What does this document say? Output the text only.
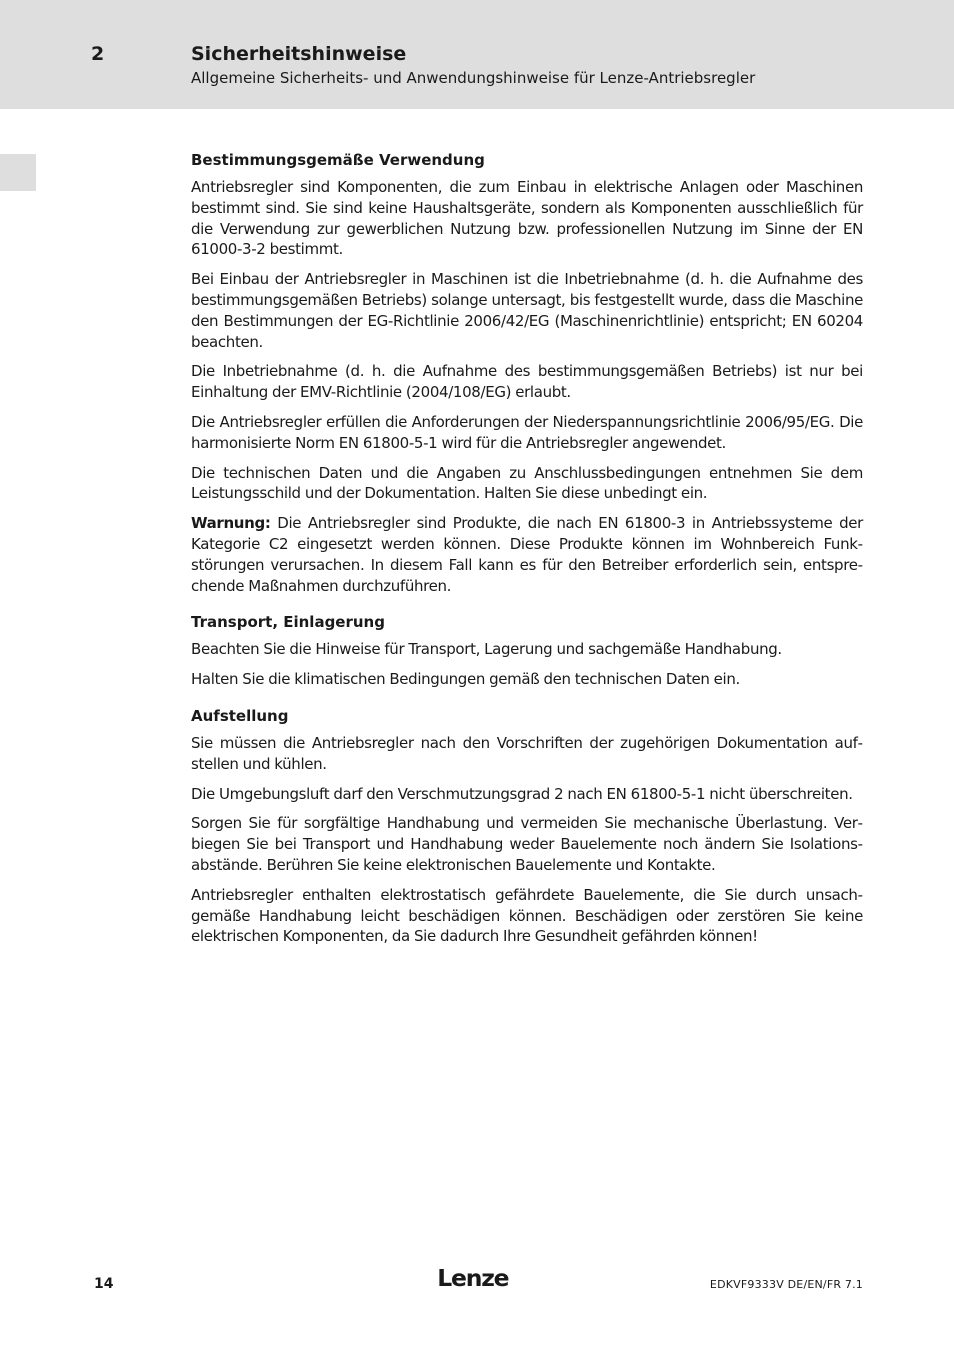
2	Sicherheitshinweise
Allgemeine Sicherheits- und Anwendungshinweise für Lenze-Antriebsregler
Bestimmungsgemäße Verwendung

Antriebsregler sind Komponenten, die zum Einbau in elektrische Anlagen oder Maschinen bestimmt sind. Sie sind keine Haushaltsgeräte, sondern als Komponenten ausschließlich für die Verwendung zur gewerblichen Nutzung bzw. professionellen Nutzung im Sinne der EN 61000-3-2 bestimmt.

Bei Einbau der Antriebsregler in Maschinen ist die Inbetriebnahme (d. h. die Aufnahme des bestimmungsgemäßen Betriebs) solange untersagt, bis festgestellt wurde, dass die Maschine den Bestimmungen der EG-Richtlinie 2006/42/EG (Maschinenrichtlinie) entspricht; EN 60204 beachten.

Die Inbetriebnahme (d. h. die Aufnahme des bestimmungsgemäßen Betriebs) ist nur bei Einhaltung der EMV-Richtlinie (2004/108/EG) erlaubt.

Die Antriebsregler erfüllen die Anforderungen der Niederspannungsrichtlinie 2006/95/EG. Die harmonisierte Norm EN 61800-5-1 wird für die Antriebsregler angewendet.

Die technischen Daten und die Angaben zu Anschlussbedingungen entnehmen Sie dem Leistungsschild und der Dokumentation. Halten Sie diese unbedingt ein.

Warnung: Die Antriebsregler sind Produkte, die nach EN 61800-3 in Antriebssysteme der Kategorie C2 eingesetzt werden können. Diese Produkte können im Wohnbereich Funkstörungen verursachen. In diesem Fall kann es für den Betreiber erforderlich sein, entsprechende Maßnahmen durchzuführen.

Transport, Einlagerung

Beachten Sie die Hinweise für Transport, Lagerung und sachgemäße Handhabung.

Halten Sie die klimatischen Bedingungen gemäß den technischen Daten ein.

Aufstellung

Sie müssen die Antriebsregler nach den Vorschriften der zugehörigen Dokumentation aufstellen und kühlen.

Die Umgebungsluft darf den Verschmutzungsgrad 2 nach EN 61800-5-1 nicht überschreiten.

Sorgen Sie für sorgfältige Handhabung und vermeiden Sie mechanische Überlastung. Verbiegen Sie bei Transport und Handhabung weder Bauelemente noch ändern Sie Isolationsabstände. Berühren Sie keine elektronischen Bauelemente und Kontakte.

Antriebsregler enthalten elektrostatisch gefährdete Bauelemente, die Sie durch unsachgemäße Handhabung leicht beschädigen können. Beschädigen oder zerstören Sie keine elektrischen Komponenten, da Sie dadurch Ihre Gesundheit gefährden können!

14	Lenze	EDKVF9333V DE/EN/FR 7.1
